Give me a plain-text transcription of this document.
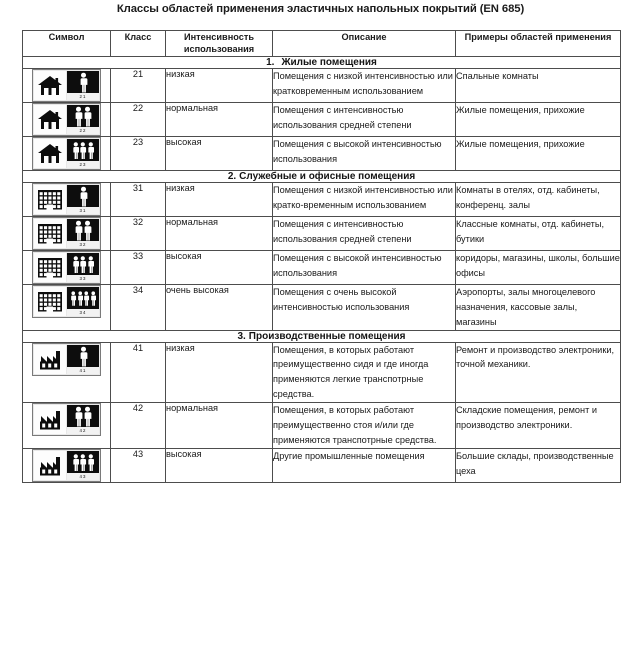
Классы областей применения эластичных напольных покрытий (EN 685)
Символ	Класс	Интенсивность использования	Описание	Примеры областей применения
1. Жилые помещения				

21	21	низкая	Помещения с низкой интенсивностью или кратковременным использованием	Спальные комнаты

22	22	нормальная	Помещения с интенсивностью использования средней степени	Жилые помещения, прихожие

23	23	высокая	Помещения с высокой интенсивностью использования	Жилые помещения, прихожие
2. Служебные и офисные помещения				

31	31	низкая	Помещения с низкой интенсивностью или кратко-временным использованием	Комнаты в отелях, отд. кабинеты, конференц. залы

32	32	нормальная	Помещения с интенсивностью использования средней степени	Классные комнаты, отд. кабинеты, бутики

33	33	высокая	Помещения с высокой интенсивностью использования	коридоры, магазины, школы, большие офисы

34	34	очень высокая	Помещения с очень высокой интенсивностью использования	Аэропорты, залы многоцелевого назначения, кассовые залы, магазины
3. Производственные помещения				

41	41	низкая	Помещения, в которых работают преимущественно сидя и где иногда применяются легкие транспотрные средства.	Ремонт и производство электроники, точной механики.

42	42	нормальная	Помещения, в которых работают преимущественно стоя и/или где применяются транспотрные средства.	Складские помещения, ремонт и производство электроники.

43	43	высокая	Другие промышленные помещения	Большие склады, производственные цеха
